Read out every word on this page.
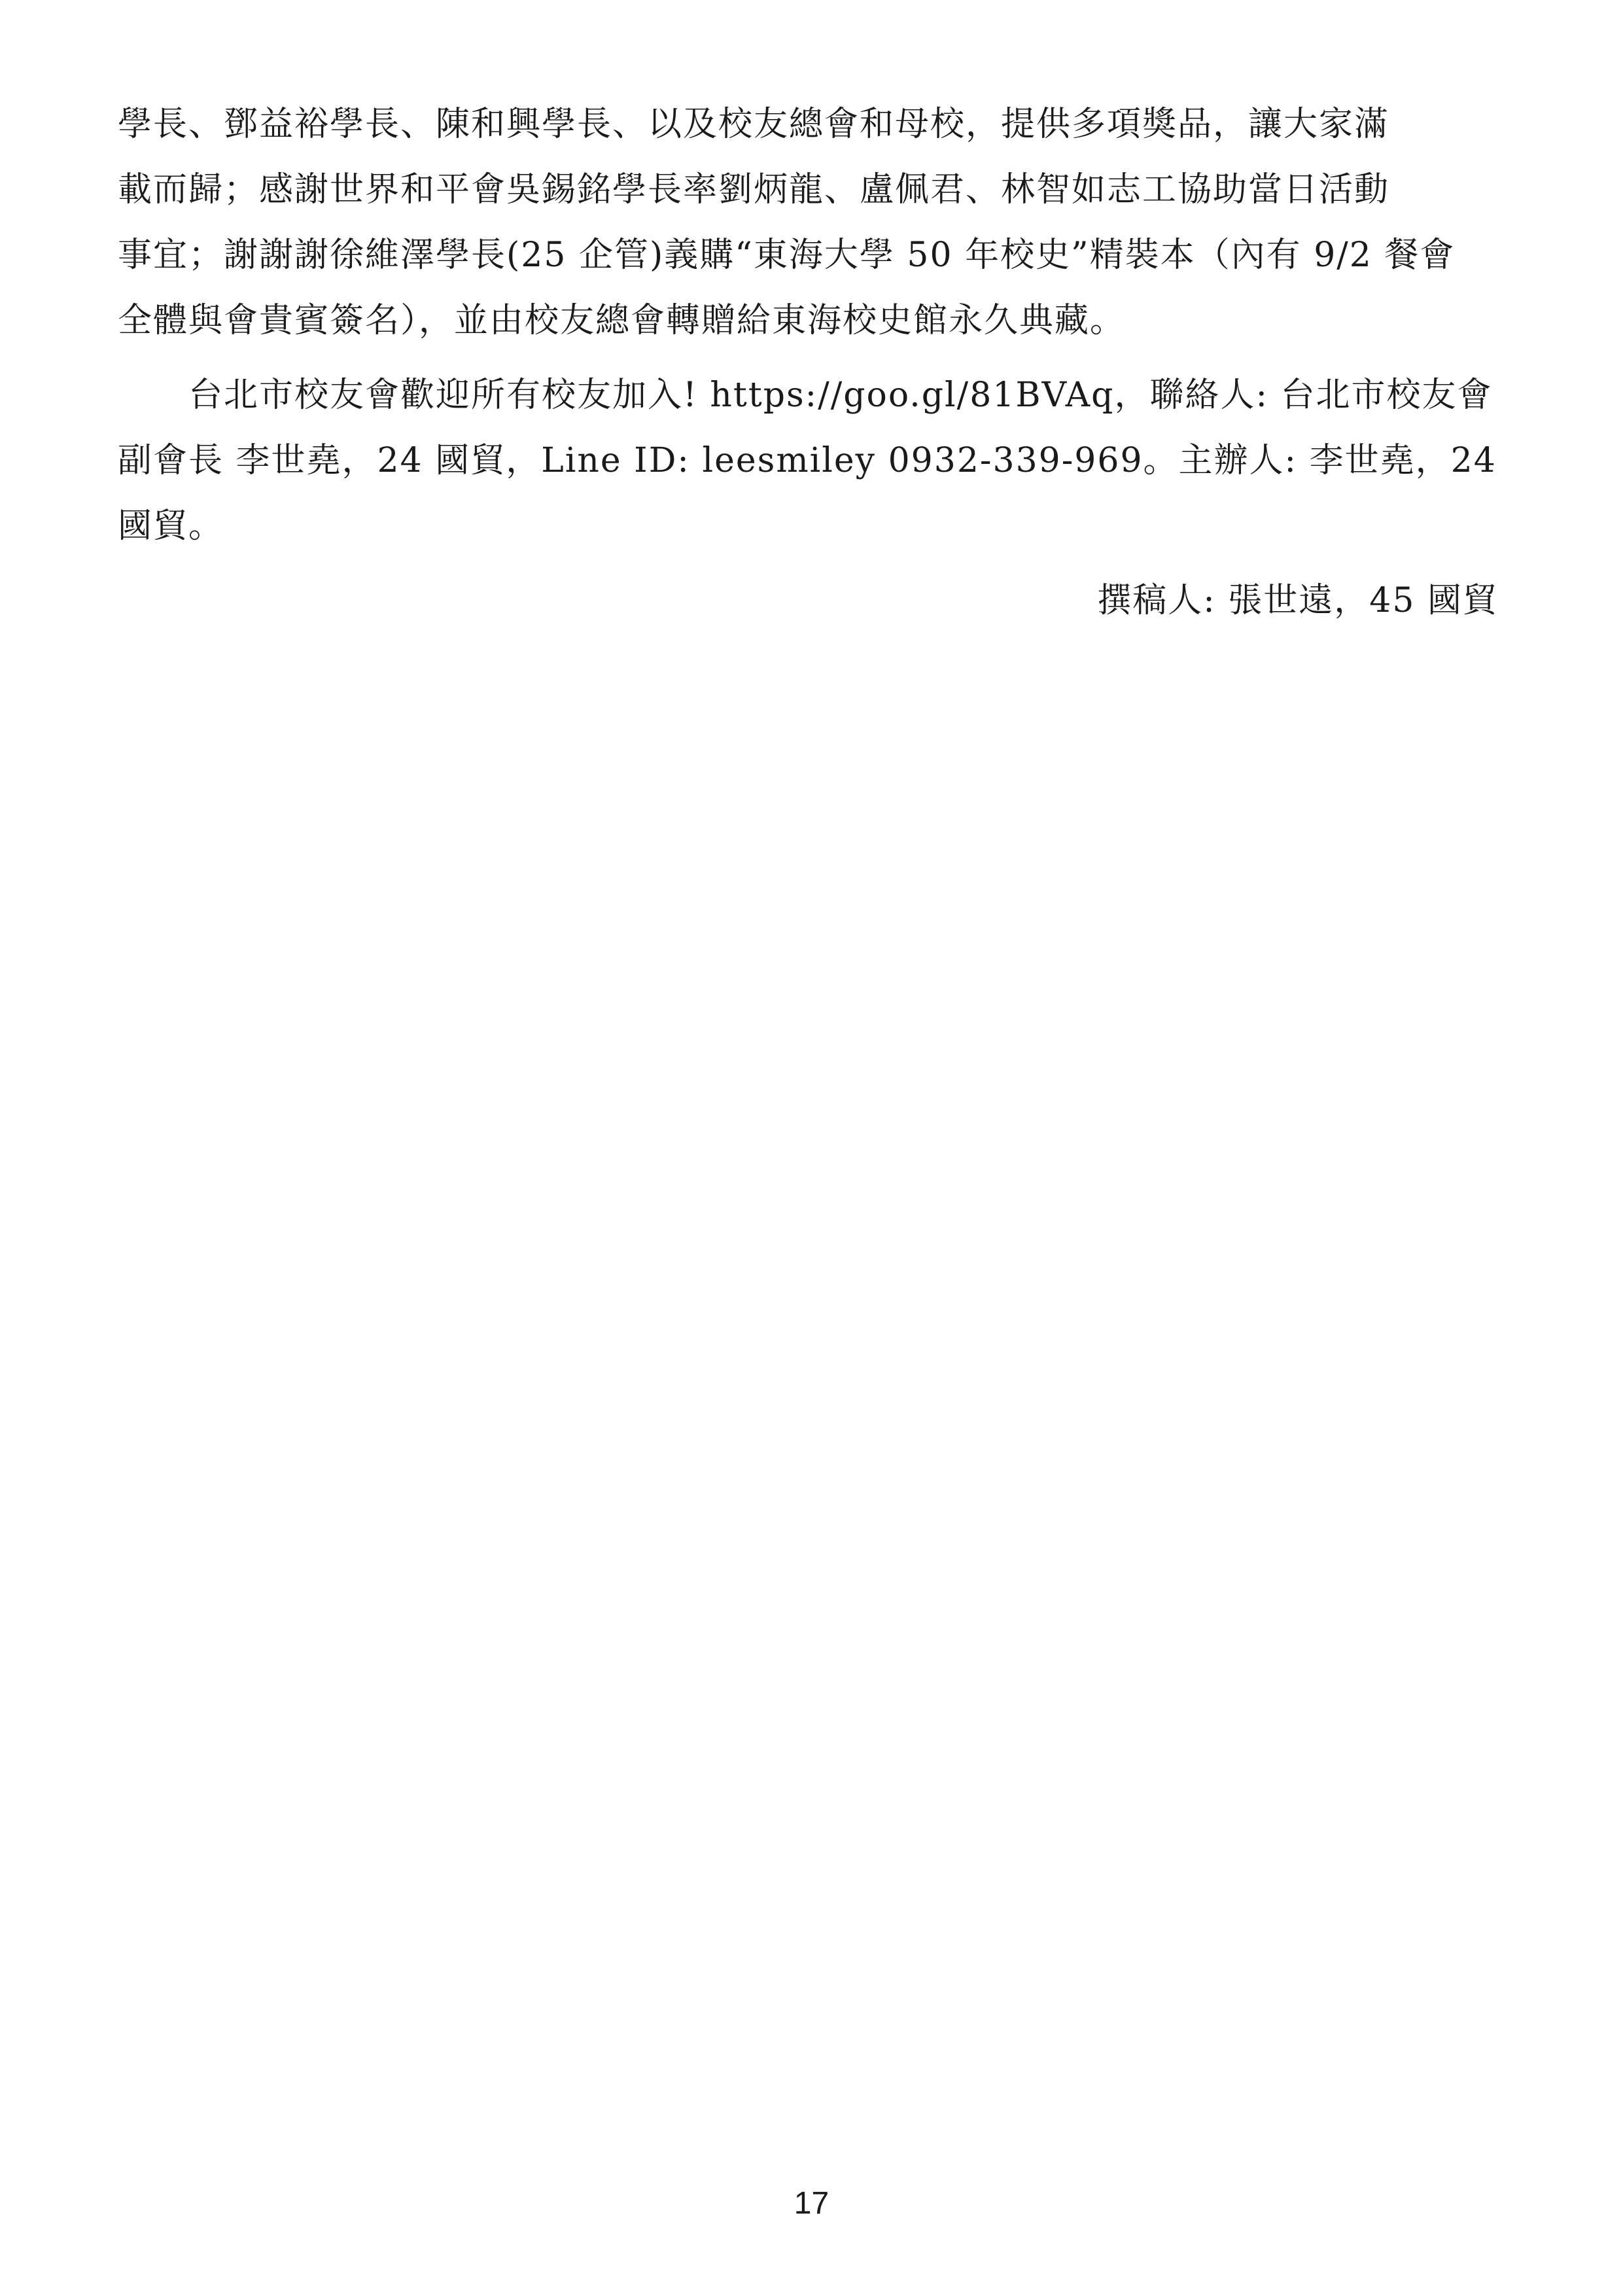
學長、鄧益裕學長、陳和興學長、以及校友總會和母校，提供多項獎品，讓大家滿
載而歸；感謝世界和平會吳錫銘學長率劉炳龍、盧佩君、林智如志工協助當日活動
事宜；謝謝謝徐維澤學長(25 企管)義購“東海大學 50 年校史”精裝本（內有 9/2 餐會
全體與會貴賓簽名），並由校友總會轉贈給東海校史館永久典藏。
台北市校友會歡迎所有校友加入! https://goo.gl/81BVAq，聯絡人: 台北市校友會
副會長 李世堯，24 國貿，Line ID: leesmiley 0932-339-969。主辦人: 李世堯，24
國貿。
撰稿人: 張世遠，45 國貿
17
